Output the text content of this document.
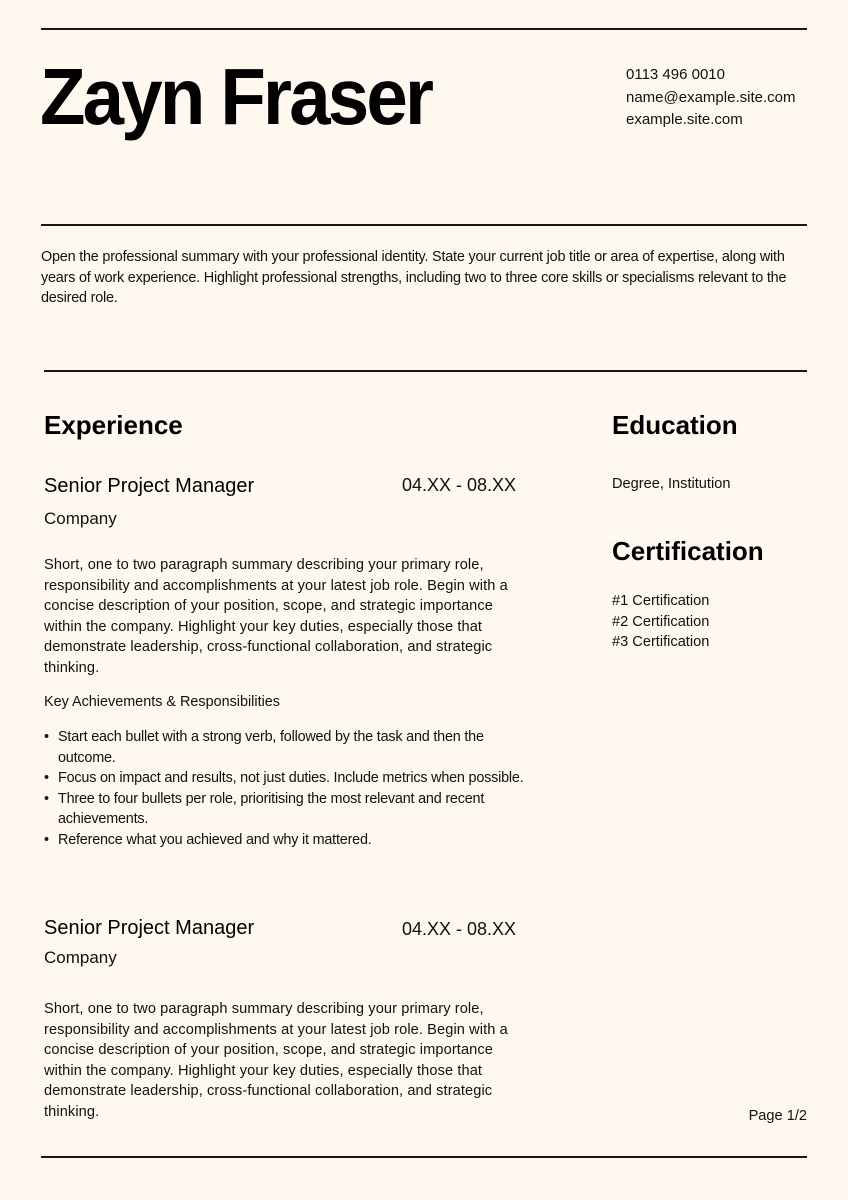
Zayn Fraser	0113 496 0010
name@example.site.com
example.site.com
Open the professional summary with your professional identity. State your current job title or area of expertise, along with years of work experience. Highlight professional strengths, including two to three core skills or specialisms relevant to the desired role.
Experience
Senior Project Manager	04.XX - 08.XX
Company
Short, one to two paragraph summary describing your primary role, responsibility and accomplishments at your latest job role. Begin with a concise description of your position, scope, and strategic importance within the company. Highlight your key duties, especially those that demonstrate leadership, cross-functional collaboration, and strategic thinking.
Key Achievements & Responsibilities
• Start each bullet with a strong verb, followed by the task and then the outcome.
• Focus on impact and results, not just duties. Include metrics when possible.
• Three to four bullets per role, prioritising the most relevant and recent achievements.
• Reference what you achieved and why it mattered.
Senior Project Manager	04.XX - 08.XX
Company
Short, one to two paragraph summary describing your primary role, responsibility and accomplishments at your latest job role. Begin with a concise description of your position, scope, and strategic importance within the company. Highlight your key duties, especially those that demonstrate leadership, cross-functional collaboration, and strategic thinking.
Education
Degree, Institution
Certification
#1 Certification
#2 Certification
#3 Certification
Page 1/2
